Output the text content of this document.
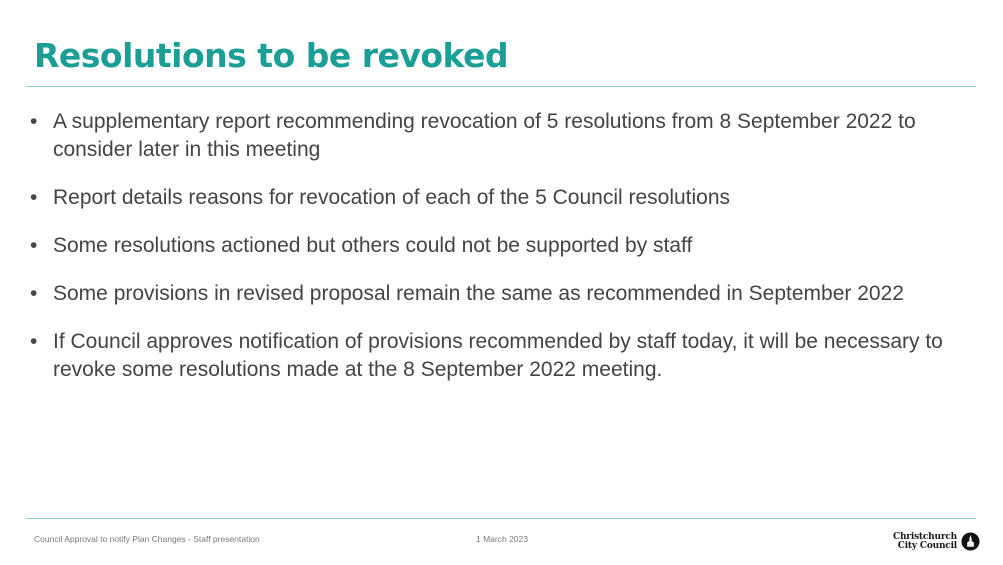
Resolutions to be revoked
• A supplementary report recommending revocation of 5 resolutions from 8 September 2022 to consider later in this meeting
• Report details reasons for revocation of each of the 5 Council resolutions
• Some resolutions actioned but others could not be supported by staff
• Some provisions in revised proposal remain the same as recommended in September 2022
• If Council approves notification of provisions recommended by staff today, it will be necessary to revoke some resolutions made at the 8 September 2022 meeting.
Council Approval to notify Plan Changes - Staff presentation	1 March 2023	Christchurch
City Council
